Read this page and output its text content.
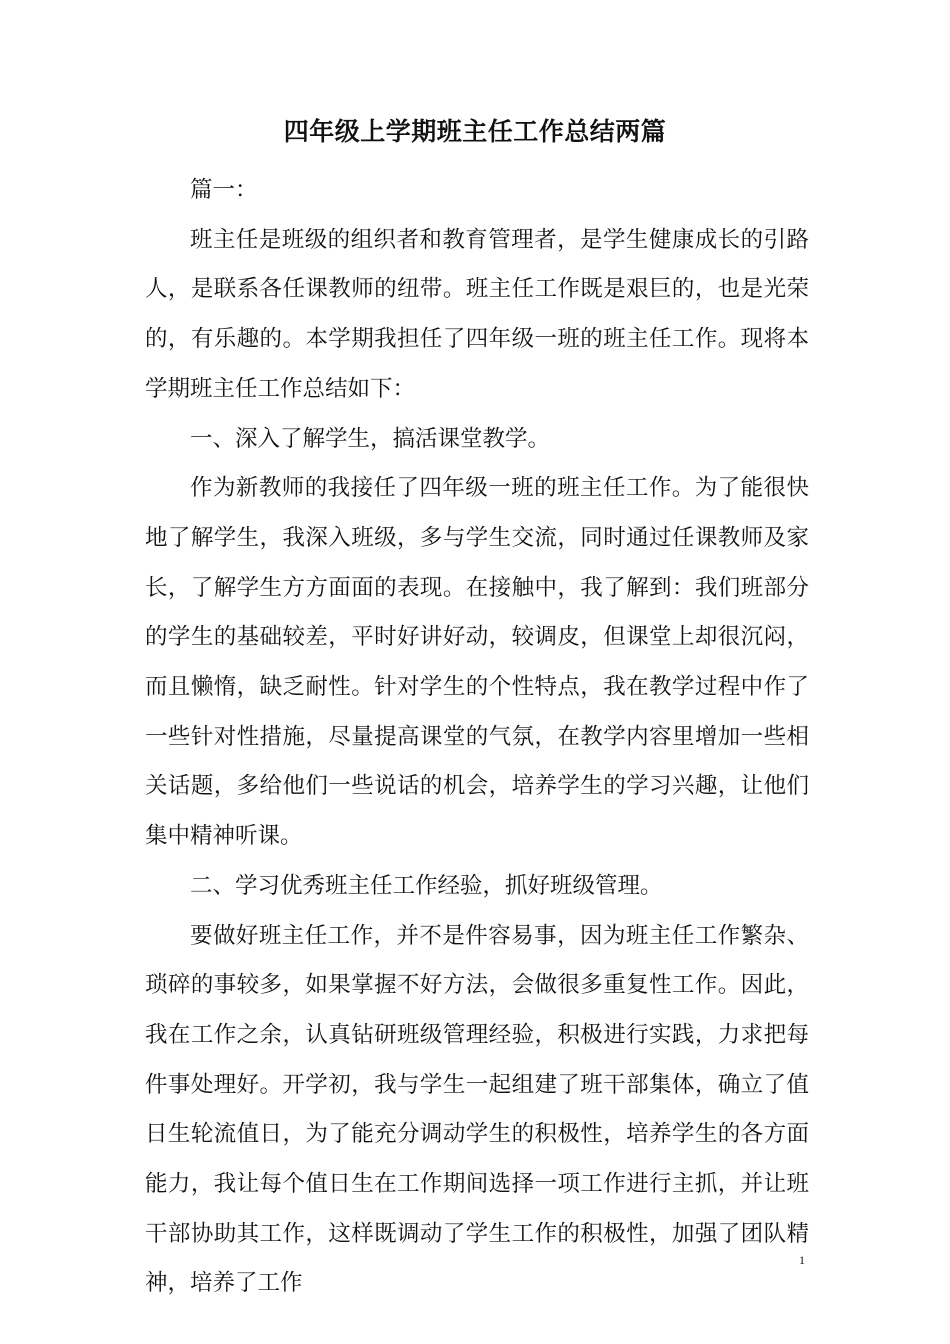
四年级上学期班主任工作总结两篇

篇一：

班主任是班级的组织者和教育管理者，是学生健康成长的引路人，是联系各任课教师的纽带。班主任工作既是艰巨的，也是光荣的，有乐趣的。本学期我担任了四年级一班的班主任工作。现将本学期班主任工作总结如下：

一、深入了解学生，搞活课堂教学。

作为新教师的我接任了四年级一班的班主任工作。为了能很快地了解学生，我深入班级，多与学生交流，同时通过任课教师及家长，了解学生方方面面的表现。在接触中，我了解到：我们班部分的学生的基础较差，平时好讲好动，较调皮，但课堂上却很沉闷，而且懒惰，缺乏耐性。针对学生的个性特点，我在教学过程中作了一些针对性措施，尽量提高课堂的气氛，在教学内容里增加一些相关话题，多给他们一些说话的机会，培养学生的学习兴趣，让他们集中精神听课。

二、学习优秀班主任工作经验，抓好班级管理。

要做好班主任工作，并不是件容易事，因为班主任工作繁杂、琐碎的事较多，如果掌握不好方法，会做很多重复性工作。因此，我在工作之余，认真钻研班级管理经验，积极进行实践，力求把每件事处理好。开学初，我与学生一起组建了班干部集体，确立了值日生轮流值日，为了能充分调动学生的积极性，培养学生的各方面能力，我让每个值日生在工作期间选择一项工作进行主抓，并让班干部协助其工作，这样既调动了学生工作的积极性，加强了团队精神，培养了工作

1
